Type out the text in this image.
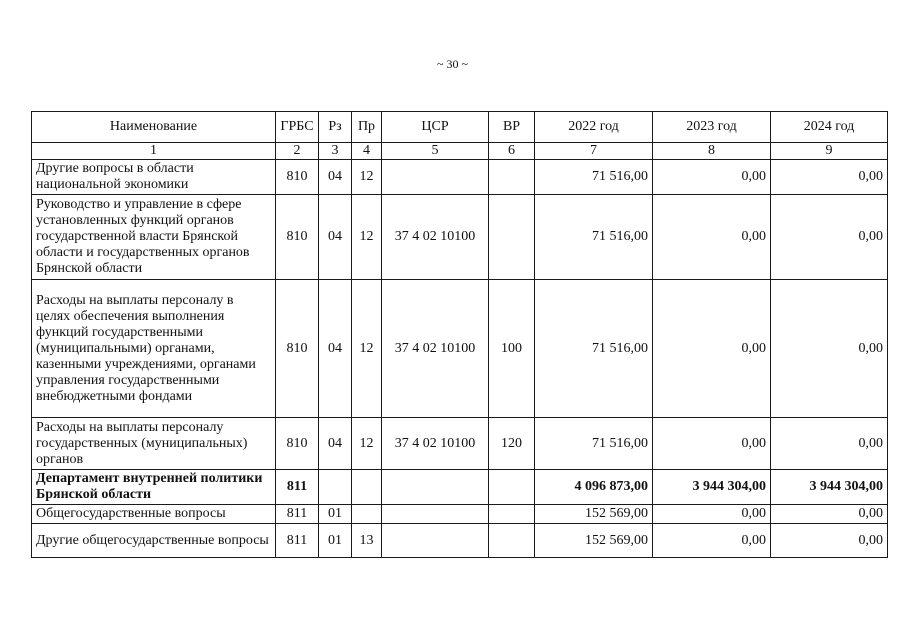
~ 30 ~
Наименование	ГРБС	Рз	Пр	ЦСР	ВР	2022 год	2023 год	2024 год
1	2	3	4	5	6	7	8	9
Другие вопросы в области национальной экономики	810	04	12			71 516,00	0,00	0,00
Руководство и управление в сфере установленных функций органов государственной власти Брянской области и государственных органов Брянской области	810	04	12	37 4 02 10100		71 516,00	0,00	0,00
Расходы на выплаты персоналу в целях обеспечения выполнения функций государственными (муниципальными) органами, казенными учреждениями, органами управления государственными внебюджетными фондами	810	04	12	37 4 02 10100	100	71 516,00	0,00	0,00
Расходы на выплаты персоналу государственных (муниципальных) органов	810	04	12	37 4 02 10100	120	71 516,00	0,00	0,00
Департамент внутренней политики Брянской области	811					4 096 873,00	3 944 304,00	3 944 304,00
Общегосударственные вопросы	811	01				152 569,00	0,00	0,00
Другие общегосударственные вопросы	811	01	13			152 569,00	0,00	0,00
